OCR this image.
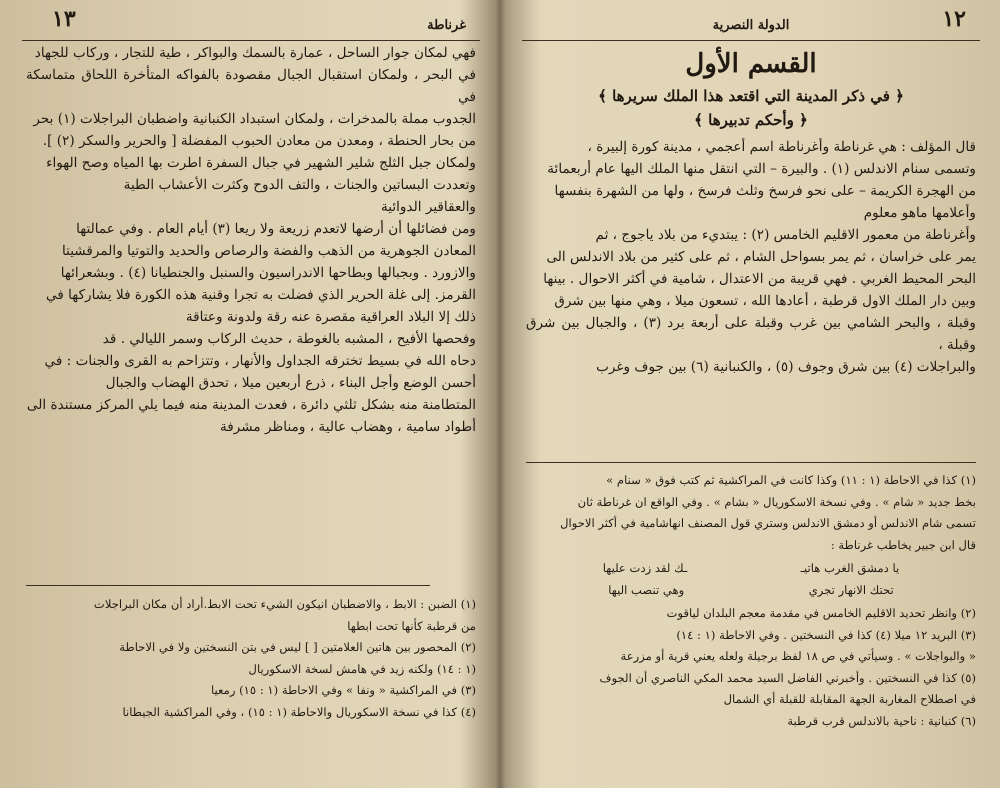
١٣	غرناطة

فهي لمكان جوار الساحل ، عمارة بالسمك والبواكر ، طية للتجار ، وركاب للجهاد

في البحر ، ولمكان استقبال الجبال مقصودة بالفواكه المتأخرة اللحاق متماسكة في

الجدوب مملة بالمدخرات ، ولمكان استبداد الكنبانية واضطبان البراجلات (١) بحر

من بحار الحنطة ، ومعدن من معادن الحبوب المفضلة [ والحرير والسكر (٢) ].

ولمكان جبل الثلج شلير الشهير في جبال السفرة اطرت بها المياه وصح الهواء

وتعددت البساتين والجنات ، والتف الدوح وكثرت الأعشاب الطية

والعقاقير الدوائية

ومن فضائلها أن أرضها لاتعدم زريعة ولا ريعا (٣) أيام العام . وفي عمالتها

المعادن الجوهرية من الذهب والفضة والرصاص والحديد والتوتيا والمرقشيتا

والازورد . وبجبالها وبطاحها الاندراسيون والسنبل والجنطيانا (٤) . وبشعرائها

القرمز. إلى غلة الحرير الذي فضلت به تجرا وقنية هذه الكورة فلا يشاركها في

ذلك إلا البلاد العراقية مقصرة عنه رقة ولدونة وعتاقة

وفحصها الأفيح ، المشبه بالغوطة ، حديث الركاب وسمر الليالي . قد

دحاه الله في بسيط تخترقه الجداول والأنهار ، وتتزاحم به القرى والجنات : في

أحسن الوضع وأجل البناء ، ذرع أربعين ميلا ، تحدق الهضاب والجبال

المتطامنة منه بشكل ثلثي دائرة ، فعدت المدينة منه فيما يلي المركز مستندة الى

أطواد سامية ، وهضاب عالية ، ومناظر مشرفة

(١) الضبن : الابط ، والاضطبان انيكون الشيء تحت الابط.أراد أن مكان البراجلات

من قرطبة كأنها تحت ابطها

(٢) المحصور بين هاتين العلامتين [ ] ليس في بتن النسختين ولا في الاحاطة

(١ : ١٤) ولكنه زيد في هامش لسخة الاسكوريال

(٣) في المراكشية « ونفا » وفي الاحاطة (١ : ١٥) رمعيا

(٤) كذا في نسخة الاسكوريال والاحاطة (١ : ١٥) ، وفي المراكشية الجيطانا

١٢
الدولة النصرية
القسم الأول
﴿ في ذكر المدينة التي اقتعد هذا الملك سريرها ﴾
﴿ وأحكم تدبيرها ﴾

قال المؤلف : هي غرناطة وأغرناطة اسم أعجمي ، مدينة كورة إلبيرة ،

وتسمى سنام الاندلس (١) . والبيرة – التي انتقل منها الملك اليها عام أربعمائة

من الهجرة الكريمة – على نحو فرسخ وثلث فرسخ ، ولها من الشهرة بنفسها

وأعلامها ماهو معلوم

وأغرناطة من معمور الاقليم الخامس (٢) : يبتديء من بلاد ياجوج ، ثم

يمر على خراسان ، ثم يمر بسواحل الشام ، ثم على كثير من بلاد الاندلس الى

البحر المحيط الغربي . فهي قريبة من الاعتدال ، شامية في أكثر الاحوال . بينها

وبين دار الملك الاول قرطبة ، أعادها الله ، تسعون ميلا ، وهي منها بين شرق

وقبلة ، والبحر الشامي بين غرب وقبلة على أربعة برد (٣) ، والجبال بين شرق وقبلة ،

والبراجلات (٤) بين شرق وجوف (٥) ، والكنبانية (٦) بين جوف وغرب

(١) كذا في الاحاطة (١ : ١١) وكذا كانت في المراكشية ثم كتب فوق « سنام »

بخط جديد « شام » . وفي نسخة الاسكوريال « بشام » . وفي الواقع ان غرناطة ثان

تسمى شام الاندلس أو دمشق الاندلس وستري قول المصنف انهاشامية في أكثر الاحوال

قال ابن جبير يخاطب غرناطة :

يا دمشق الغرب هاتيـ
ـك لقد زدت عليها
تحتك الانهار تجري
وهي تنصب اليها

(٢) وانظر تحديد الاقليم الخامس في مقدمة معجم البلدان لياقوت

(٣) البريد ١٢ ميلا (٤) كذا في النسختين . وفي الاحاطة (١ : ١٤)

« والبواجلات » . وسيأتي في ص ١٨ لفظ برجيلة ولعله يعني قرية أو مزرعة

(٥) كذا في النسختين . وأخبرني الفاضل السيد محمد المكي الناصري أن الجوف

في اصطلاح المغاربة الجهة المقابلة للقبلة أي الشمال

(٦) كنبانية : ناحية بالاندلس قرب قرطبة
